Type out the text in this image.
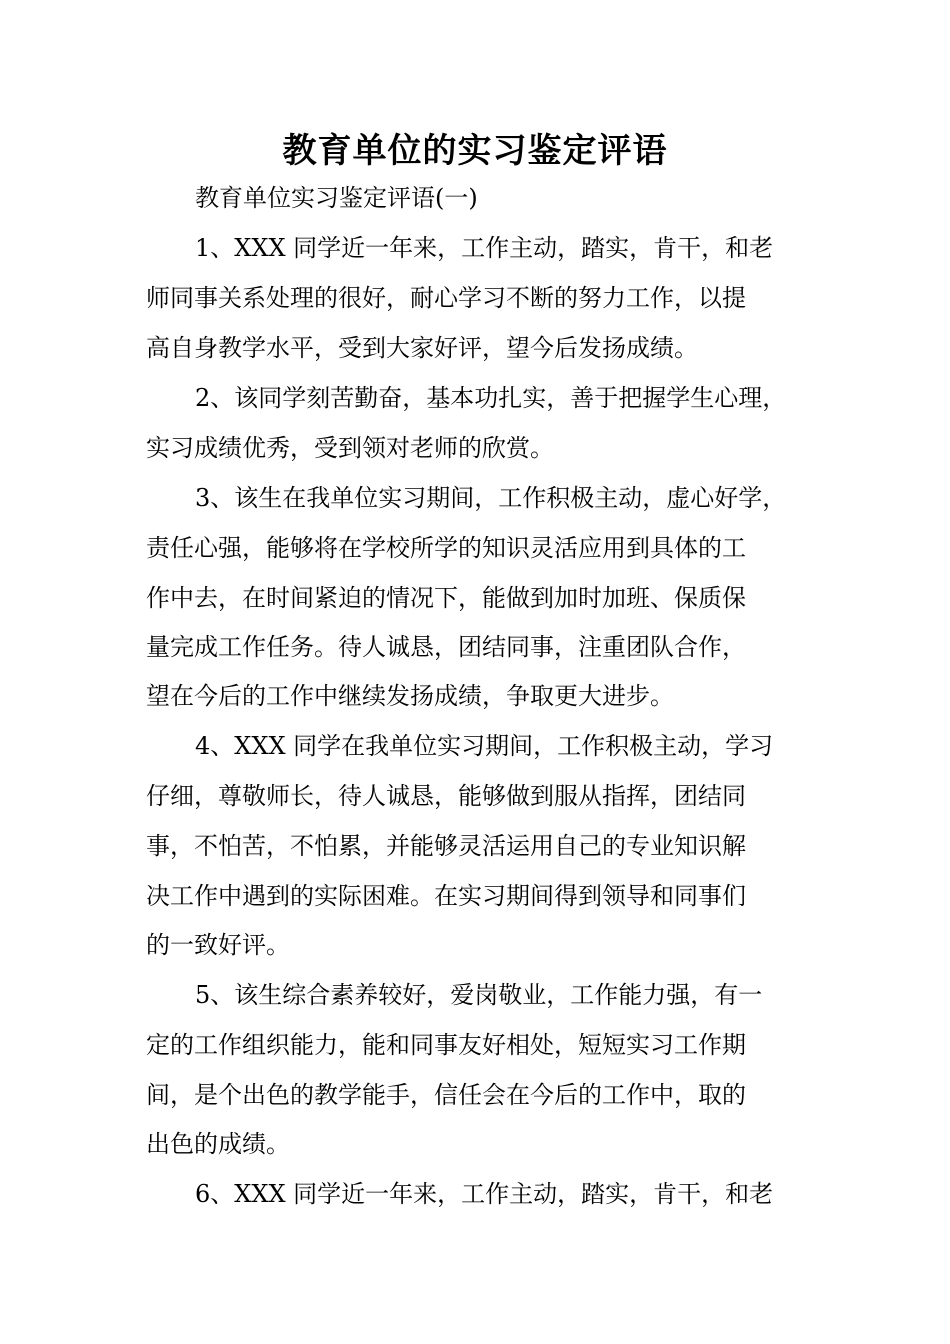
教育单位的实习鉴定评语

教育单位实习鉴定评语(一)

1、XXX 同学近一年来，工作主动，踏实，肯干，和老

师同事关系处理的很好，耐心学习不断的努力工作，以提

高自身教学水平，受到大家好评，望今后发扬成绩。

2、该同学刻苦勤奋，基本功扎实，善于把握学生心理，

实习成绩优秀，受到领对老师的欣赏。

3、该生在我单位实习期间，工作积极主动，虚心好学，

责任心强，能够将在学校所学的知识灵活应用到具体的工

作中去，在时间紧迫的情况下，能做到加时加班、保质保

量完成工作任务。待人诚恳，团结同事，注重团队合作，

望在今后的工作中继续发扬成绩，争取更大进步。

4、XXX 同学在我单位实习期间，工作积极主动，学习

仔细，尊敬师长，待人诚恳，能够做到服从指挥，团结同

事，不怕苦，不怕累，并能够灵活运用自己的专业知识解

决工作中遇到的实际困难。在实习期间得到领导和同事们

的一致好评。

5、该生综合素养较好，爱岗敬业，工作能力强，有一

定的工作组织能力，能和同事友好相处，短短实习工作期

间，是个出色的教学能手，信任会在今后的工作中，取的

出色的成绩。

6、XXX 同学近一年来，工作主动，踏实，肯干，和老
